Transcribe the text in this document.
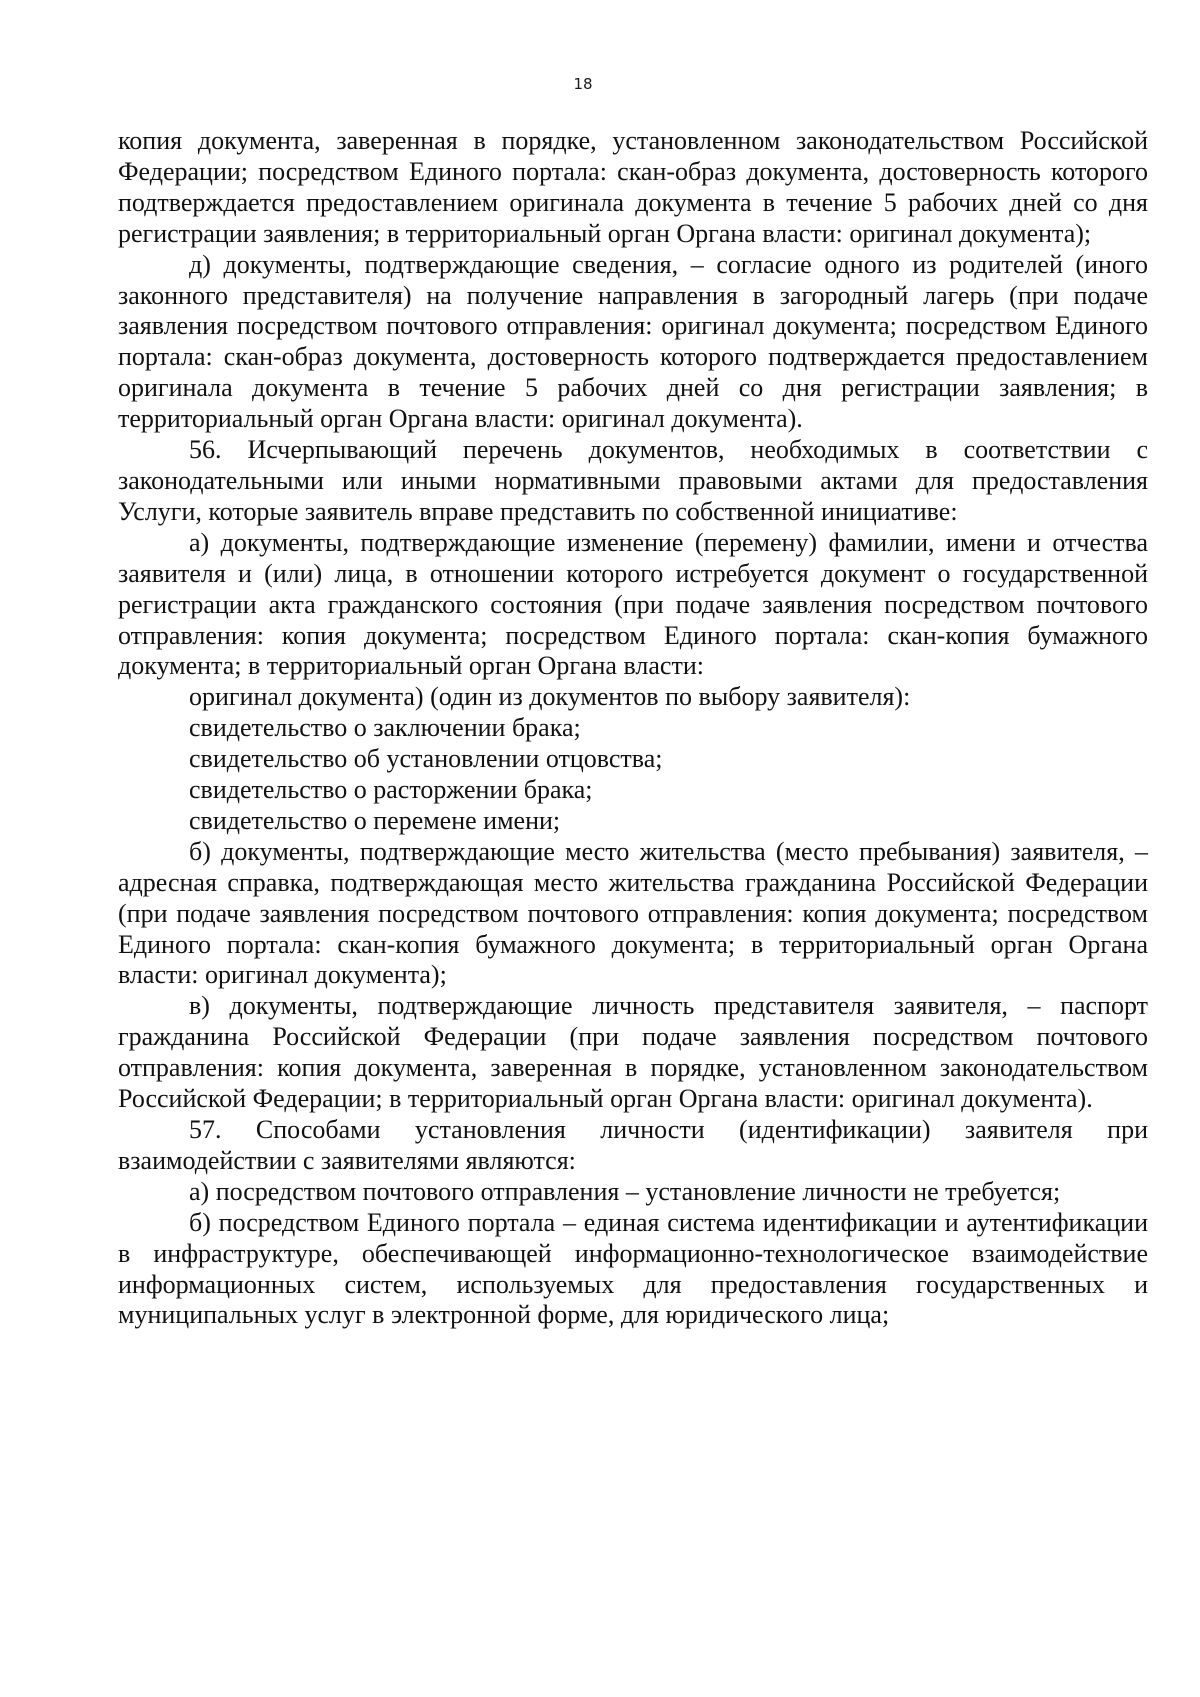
18

копия документа, заверенная в порядке, установленном законодательством Российской Федерации; посредством Единого портала: скан-образ документа, достоверность которого подтверждается предоставлением оригинала документа в течение 5 рабочих дней со дня регистрации заявления; в территориальный орган Органа власти: оригинал документа);

д) документы, подтверждающие сведения, – согласие одного из родителей (иного законного представителя) на получение направления в загородный лагерь (при подаче заявления посредством почтового отправления: оригинал документа; посредством Единого портала: скан-образ документа, достоверность которого подтверждается предоставлением оригинала документа в течение 5 рабочих дней со дня регистрации заявления; в территориальный орган Органа власти: оригинал документа).

56. Исчерпывающий перечень документов, необходимых в соответствии с законодательными или иными нормативными правовыми актами для предоставления Услуги, которые заявитель вправе представить по собственной инициативе:

а) документы, подтверждающие изменение (перемену) фамилии, имени и отчества заявителя и (или) лица, в отношении которого истребуется документ о государственной регистрации акта гражданского состояния (при подаче заявления посредством почтового отправления: копия документа; посредством Единого портала: скан-копия бумажного документа; в территориальный орган Органа власти:

оригинал документа) (один из документов по выбору заявителя):

свидетельство о заключении брака;

свидетельство об установлении отцовства;

свидетельство о расторжении брака;

свидетельство о перемене имени;

б) документы, подтверждающие место жительства (место пребывания) заявителя, – адресная справка, подтверждающая место жительства гражданина Российской Федерации (при подаче заявления посредством почтового отправления: копия документа; посредством Единого портала: скан-копия бумажного документа; в территориальный орган Органа власти: оригинал документа);

в) документы, подтверждающие личность представителя заявителя, – паспорт гражданина Российской Федерации (при подаче заявления посредством почтового отправления: копия документа, заверенная в порядке, установленном законодательством Российской Федерации; в территориальный орган Органа власти: оригинал документа).

57. Способами установления личности (идентификации) заявителя при взаимодействии с заявителями являются:

а) посредством почтового отправления – установление личности не требуется;

б) посредством Единого портала – единая система идентификации и аутентификации в инфраструктуре, обеспечивающей информационно-технологическое взаимодействие информационных систем, используемых для предоставления государственных и муниципальных услуг в электронной форме, для юридического лица;
